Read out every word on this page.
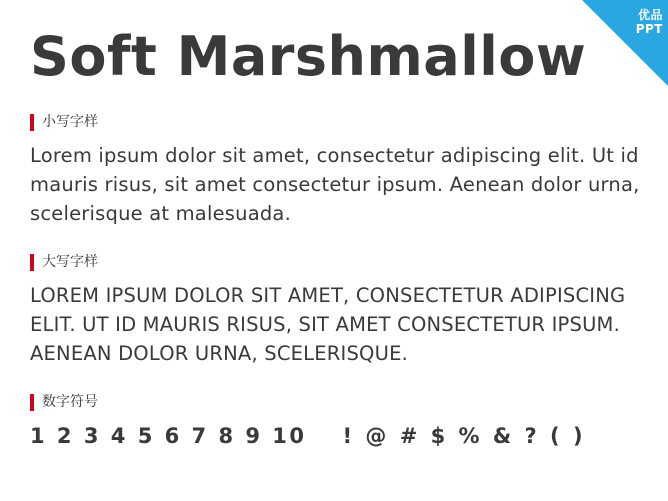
优品
PPT
Soft Marshmallow
小写字样

Lorem ipsum dolor sit amet, consectetur adipiscing elit. Ut id mauris risus, sit amet consectetur ipsum. Aenean dolor urna, scelerisque at malesuada.

大写字样

LOREM IPSUM DOLOR SIT AMET, CONSECTETUR ADIPISCING ELIT. UT ID MAURIS RISUS, SIT AMET CONSECTETUR IPSUM. AENEAN DOLOR URNA, SCELERISQUE.

数字符号
1 2 3 4 5 6 7 8 9 10 ! @ # $ % & ? ( )
